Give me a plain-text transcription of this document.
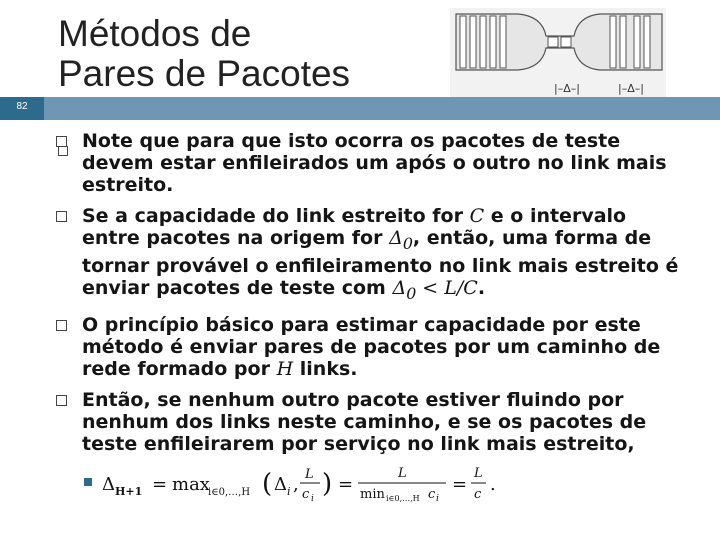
Métodos de
Pares de Pacotes	|–Δ–|	|–Δ–|
82
Note que para que isto ocorra os pacotes de teste devem estar enfileirados um após o outro no link mais estreito.
Se a capacidade do link estreito for C e o intervalo entre pacotes na origem for $\Delta_0$, então, uma forma de tornar provável o enfileiramento no link mais estreito é enviar pacotes de teste com $\Delta_0 < L/C$.
O princípio básico para estimar capacidade por este método é enviar pares de pacotes por um caminho de rede formado por H links.
Então, se nenhum outro pacote estiver fluindo por nenhum dos links neste caminho, e se os pacotes de teste enfileirarem por serviço no link mais estreito,
Δ H+1 = max
i∈0,…,H ( Δ i , L
c i ) =
L
min i∈0,…,H c i
=
L
c .
